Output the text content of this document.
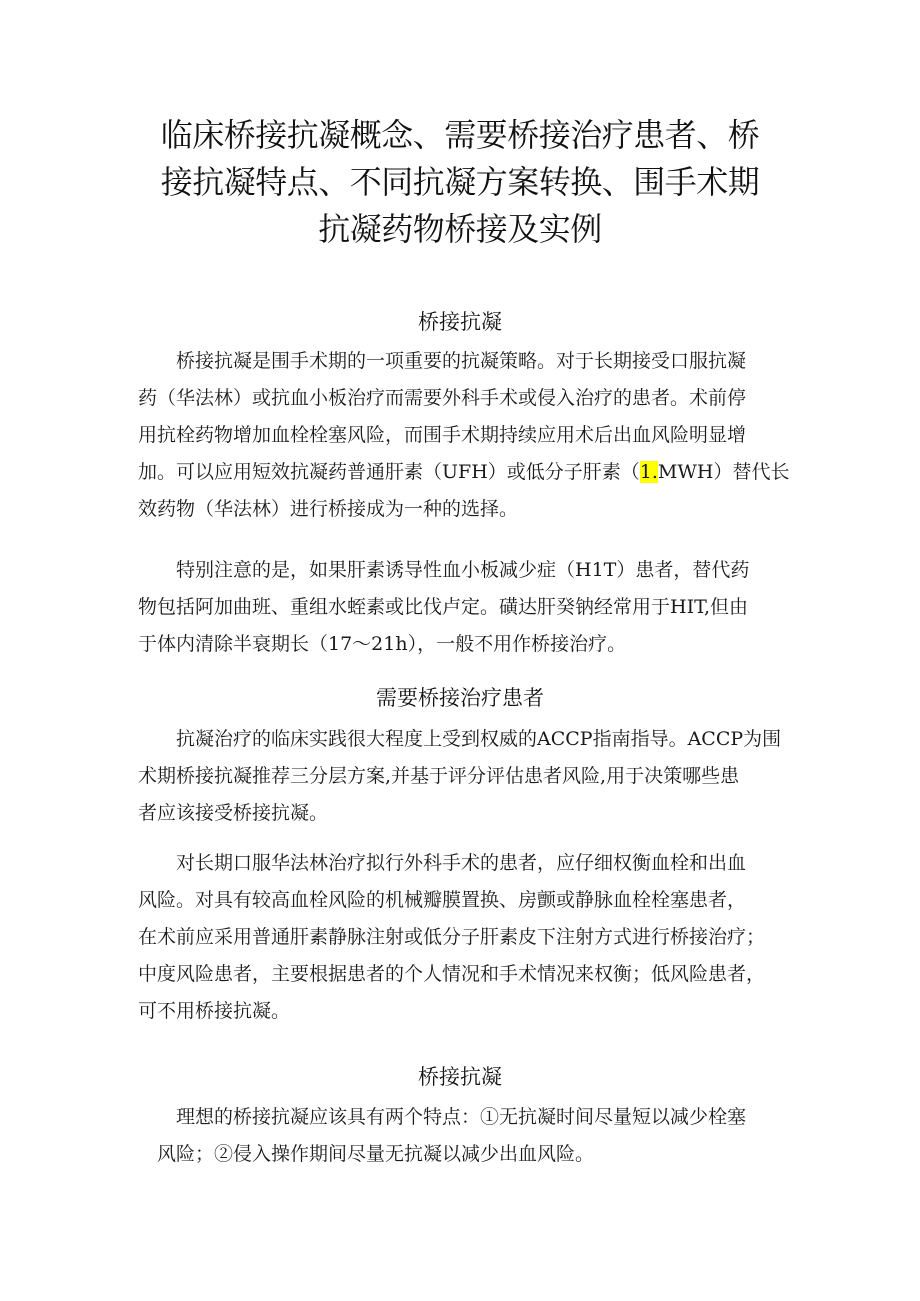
临床桥接抗凝概念、需要桥接治疗患者、桥
接抗凝特点、不同抗凝方案转换、围手术期
抗凝药物桥接及实例
桥接抗凝
　　桥接抗凝是围手术期的一项重要的抗凝策略。对于长期接受口服抗凝
药（华法林）或抗血小板治疗而需要外科手术或侵入治疗的患者。术前停
用抗栓药物增加血栓栓塞风险，而围手术期持续应用术后出血风险明显增
加。可以应用短效抗凝药普通肝素（UFH）或低分子肝素（1.MWH）替代长
效药物（华法林）进行桥接成为一种的选择。
　　特别注意的是，如果肝素诱导性血小板减少症（H1T）患者，替代药
物包括阿加曲班、重组水蛭素或比伐卢定。磺达肝癸钠经常用于HIT,但由
于体内清除半衰期长（17～21h），一般不用作桥接治疗。
需要桥接治疗患者
　　抗凝治疗的临床实践很大程度上受到权威的ACCP指南指导。ACCP为围
术期桥接抗凝推荐三分层方案,并基于评分评估患者风险,用于决策哪些患
者应该接受桥接抗凝。
　　对长期口服华法林治疗拟行外科手术的患者，应仔细权衡血栓和出血
风险。对具有较高血栓风险的机械瓣膜置换、房颤或静脉血栓栓塞患者，
在术前应采用普通肝素静脉注射或低分子肝素皮下注射方式进行桥接治疗；
中度风险患者，主要根据患者的个人情况和手术情况来权衡；低风险患者，
可不用桥接抗凝。
桥接抗凝
　　理想的桥接抗凝应该具有两个特点：①无抗凝时间尽量短以减少栓塞
　风险；②侵入操作期间尽量无抗凝以减少出血风险。
